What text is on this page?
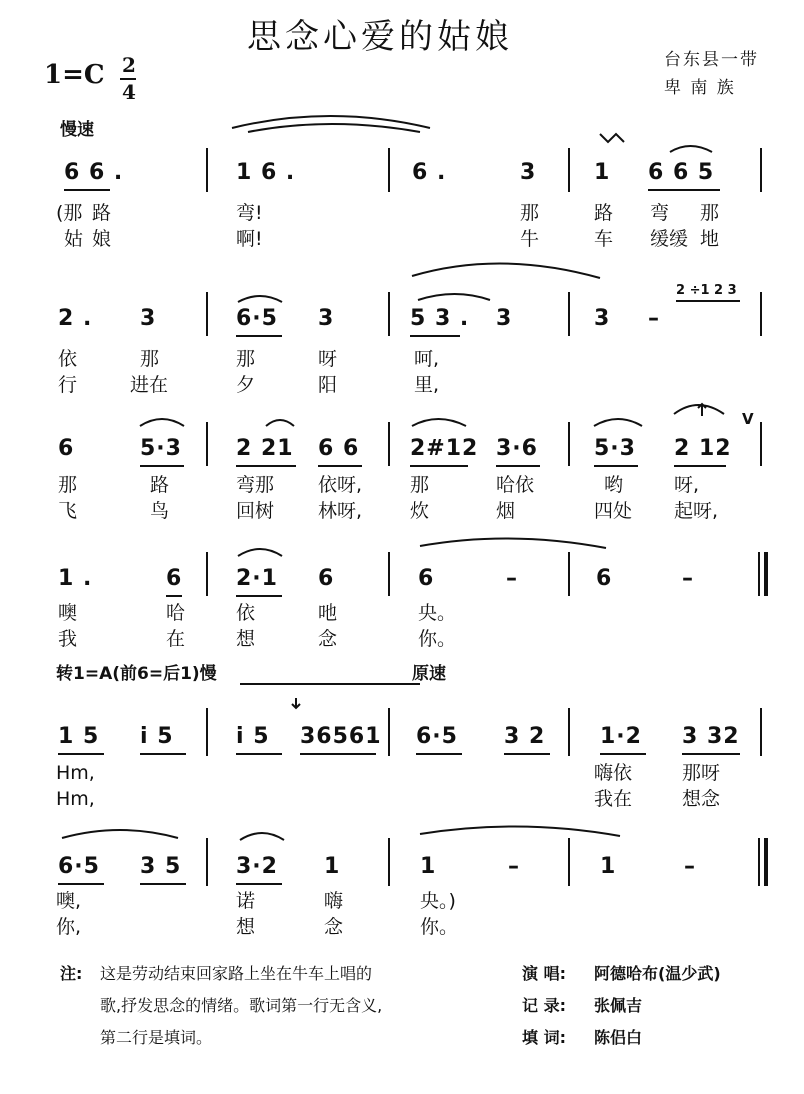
思念心爱的姑娘
1=C 2
4
台东县一带
卑 南 族
慢速
6 6 .	1 6 .	6 .	3	1 6 6 5
(那 路	弯!	那	路 弯 那
姑 娘	啊!	牛	车 缓缓 地
2 . 3	6·5 3	5 3 . 3	3 –
2 ÷1 2 3
依	那	那	呀	呵,
行	进在	夕	阳	里,
V
6	5·3 2 21 6 6 2#12 3·6	5·3 2 12
那	路	弯那 依呀,	那	哈依	哟	呀,
飞	鸟	回树 林呀,	炊	烟	四处 起呀,
1 .	6 2·1 6	6	–	6	–
噢	哈	依	吔	央。
我	在	想	念	你。
转1=A(前6=后1)慢	原速
1 5 i 5	i 5 36561 6·5 3 2 1·2 3 32
Hm,	嗨依	那呀
Hm,	我在	想念
6·5 3 5 3·2 1	1	–	1	–
噢,	诺	嗨	央。)
你,	想	念	你。
注: 这是劳动结束回家路上坐在牛车上唱的
歌,抒发思念的情绪。歌词第一行无含义,
第二行是填词。
演 唱: 阿德哈布(温少武)
记 录: 张佩吉
填 词: 陈侣白
